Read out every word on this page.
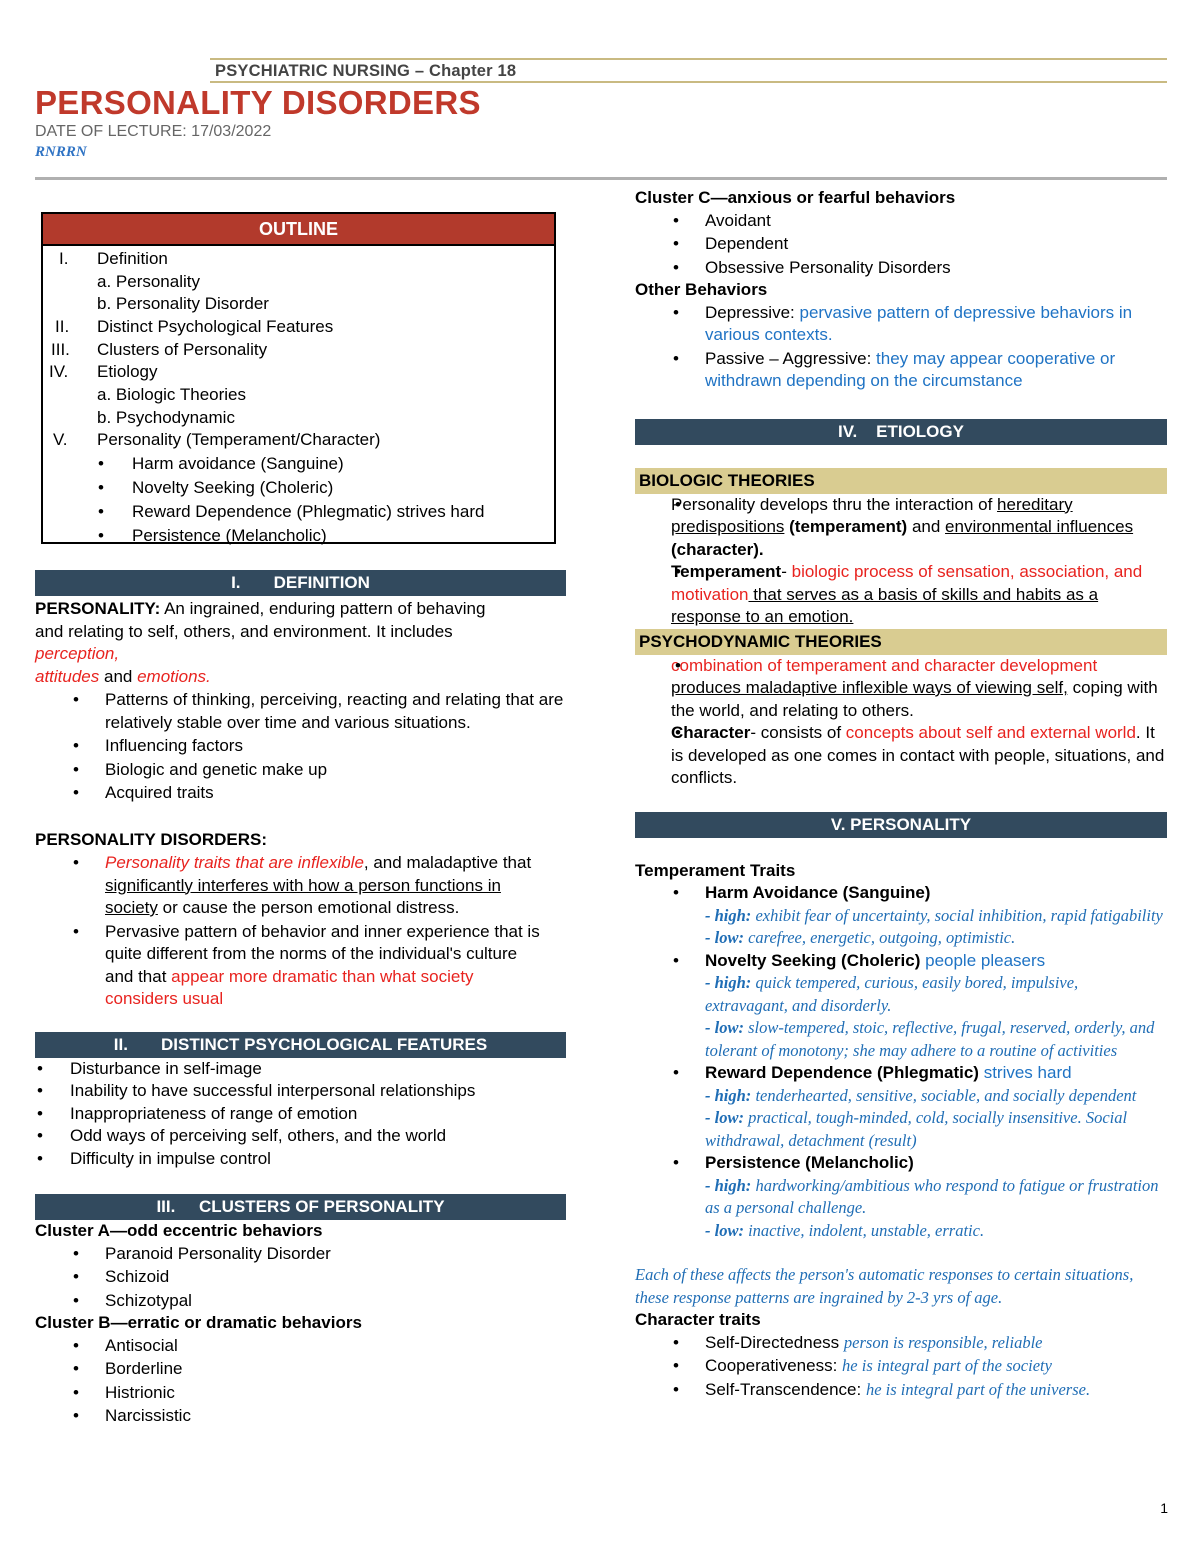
PSYCHIATRIC NURSING – Chapter 18
PERSONALITY DISORDERS
DATE OF LECTURE: 17/03/2022
RNRRN
OUTLINE
I.	Definition
a. Personality
b. Personality Disorder
II.	Distinct Psychological Features
III.	Clusters of Personality
IV.	Etiology
a. Biologic Theories
b. Psychodynamic
V.	Personality (Temperament/Character)
• Harm avoidance (Sanguine)
• Novelty Seeking (Choleric)
• Reward Dependence (Phlegmatic) strives hard
• Persistence (Melancholic)
I.       DEFINITION
PERSONALITY: An ingrained, enduring pattern of behaving and relating to self, others, and environment. It includes perception,
attitudes and emotions.
• Patterns of thinking, perceiving, reacting and relating that are relatively stable over time and various situations.
• Influencing factors
• Biologic and genetic make up
• Acquired traits
PERSONALITY DISORDERS:
• Personality traits that are inflexible, and maladaptive that significantly interferes with how a person functions in society or cause the person emotional distress.
• Pervasive pattern of behavior and inner experience that is quite different from the norms of the individual's culture and that appear more dramatic than what society considers usual
II.       DISTINCT PSYCHOLOGICAL FEATURES
• Disturbance in self-image
• Inability to have successful interpersonal relationships
• Inappropriateness of range of emotion
• Odd ways of perceiving self, others, and the world
• Difficulty in impulse control
III.     CLUSTERS OF PERSONALITY
Cluster A—odd eccentric behaviors
• Paranoid Personality Disorder
• Schizoid
• Schizotypal
Cluster B—erratic or dramatic behaviors
• Antisocial
• Borderline
• Histrionic
• Narcissistic
Cluster C—anxious or fearful behaviors
• Avoidant
• Dependent
• Obsessive Personality Disorders
Other Behaviors
• Depressive: pervasive pattern of depressive behaviors in various contexts.
• Passive – Aggressive: they may appear cooperative or withdrawn depending on the circumstance
IV.    ETIOLOGY
BIOLOGIC THEORIES
• Personality develops thru the interaction of hereditary predispositions (temperament) and environmental influences (character).
• Temperament- biologic process of sensation, association, and motivation that serves as a basis of skills and habits as a response to an emotion.
PSYCHODYNAMIC THEORIES
• combination of temperament and character development produces maladaptive inflexible ways of viewing self, coping with the world, and relating to others.
• Character- consists of concepts about self and external world. It is developed as one comes in contact with people, situations, and conflicts.
V. PERSONALITY
Temperament Traits
• Harm Avoidance (Sanguine)
- high: exhibit fear of uncertainty, social inhibition, rapid fatigability
- low: carefree, energetic, outgoing, optimistic.
• Novelty Seeking (Choleric) people pleasers
- high: quick tempered, curious, easily bored, impulsive, extravagant, and disorderly.
- low: slow-tempered, stoic, reflective, frugal, reserved, orderly, and tolerant of monotony; she may adhere to a routine of activities
• Reward Dependence (Phlegmatic) strives hard
- high: tenderhearted, sensitive, sociable, and socially dependent
- low: practical, tough-minded, cold, socially insensitive. Social withdrawal, detachment (result)
• Persistence (Melancholic)
- high: hardworking/ambitious who respond to fatigue or frustration as a personal challenge.
- low: inactive, indolent, unstable, erratic.
Each of these affects the person's automatic responses to certain situations, these response patterns are ingrained by 2-3 yrs of age.
Character traits
• Self-Directedness person is responsible, reliable
• Cooperativeness: he is integral part of the society
• Self-Transcendence: he is integral part of the universe.
1
